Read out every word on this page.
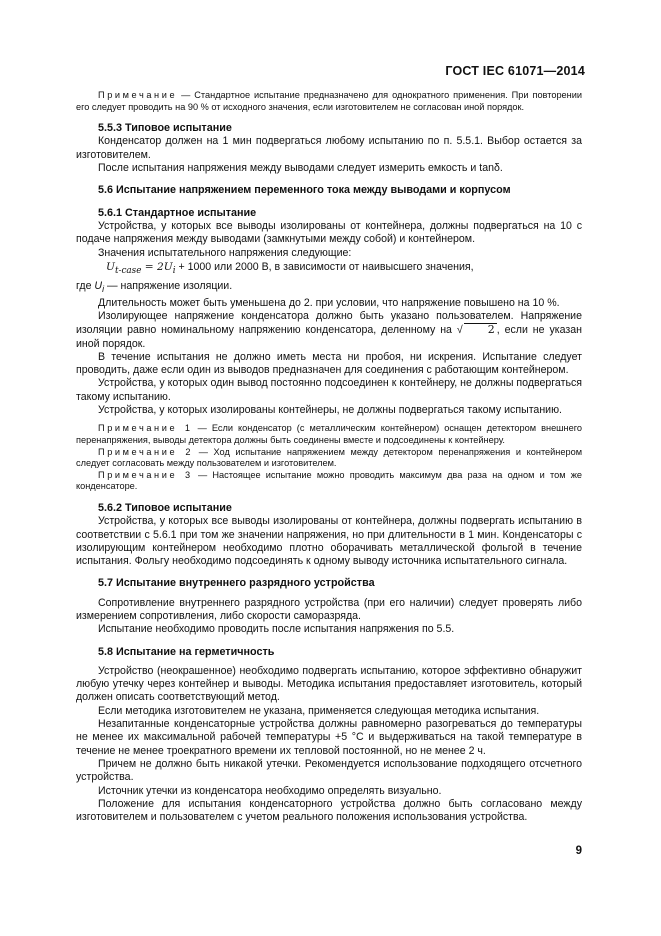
ГОСТ IEC 61071—2014

Примечание — Стандартное испытание предназначено для однократного применения. При повторении его следует проводить на 90 % от исходного значения, если изготовителем не согласован иной порядок.

5.5.3 Типовое испытание

Конденсатор должен на 1 мин подвергаться любому испытанию по п. 5.5.1. Выбор остается за изготовителем.

После испытания напряжения между выводами следует измерить емкость и tanδ.

5.6 Испытание напряжением переменного тока между выводами и корпусом
5.6.1 Стандартное испытание

Устройства, у которых все выводы изолированы от контейнера, должны подвергаться на 10 с подаче напряжения между выводами (замкнутыми между собой) и контейнером.

Значения испытательного напряжения следующие:

$U_{t-case} = 2U_i + 1000$ или 2000 В, в зависимости от наивысшего значения,

где $U_i$ — напряжение изоляции.

Длительность может быть уменьшена до 2. при условии, что напряжение повышено на 10 %.

Изолирующее напряжение конденсатора должно быть указано пользователем. Напряжение изоляции равно номинальному напряжению конденсатора, деленному на √ 2 , если не указан иной порядок.

В течение испытания не должно иметь места ни пробоя, ни искрения. Испытание следует проводить, даже если один из выводов предназначен для соединения с работающим контейнером.

Устройства, у которых один вывод постоянно подсоединен к контейнеру, не должны подвергаться такому испытанию.

Устройства, у которых изолированы контейнеры, не должны подвергаться такому испытанию.

Примечание 1 — Если конденсатор (с металлическим контейнером) оснащен детектором внешнего перенапряжения, выводы детектора должны быть соединены вместе и подсоединены к контейнеру.

Примечание 2 — Ход испытание напряжением между детектором перенапряжения и контейнером следует согласовать между пользователем и изготовителем.

Примечание 3 — Настоящее испытание можно проводить максимум два раза на одном и том же конденсаторе.

5.6.2 Типовое испытание

Устройства, у которых все выводы изолированы от контейнера, должны подвергать испытанию в соответствии с 5.6.1 при том же значении напряжения, но при длительности в 1 мин. Конденсаторы с изолирующим контейнером необходимо плотно оборачивать металлической фольгой в течение испытания. Фольгу необходимо подсоединять к одному выводу источника испытательного сигнала.

5.7 Испытание внутреннего разрядного устройства

Сопротивление внутреннего разрядного устройства (при его наличии) следует проверять либо измерением сопротивления, либо скорости саморазряда.

Испытание необходимо проводить после испытания напряжения по 5.5.

5.8 Испытание на герметичность

Устройство (неокрашенное) необходимо подвергать испытанию, которое эффективно обнаружит любую утечку через контейнер и выводы. Методика испытания предоставляет изготовитель, который должен описать соответствующий метод.

Если методика изготовителем не указана, применяется следующая методика испытания.

Незапитанные конденсаторные устройства должны равномерно разогреваться до температуры не менее их максимальной рабочей температуры +5 °С и выдерживаться на такой температуре в течение не менее троекратного времени их тепловой постоянной, но не менее 2 ч.

Причем не должно быть никакой утечки. Рекомендуется использование подходящего отсчетного устройства.

Источник утечки из конденсатора необходимо определять визуально.

Положение для испытания конденсаторного устройства должно быть согласовано между изготовителем и пользователем с учетом реального положения использования устройства.

9
